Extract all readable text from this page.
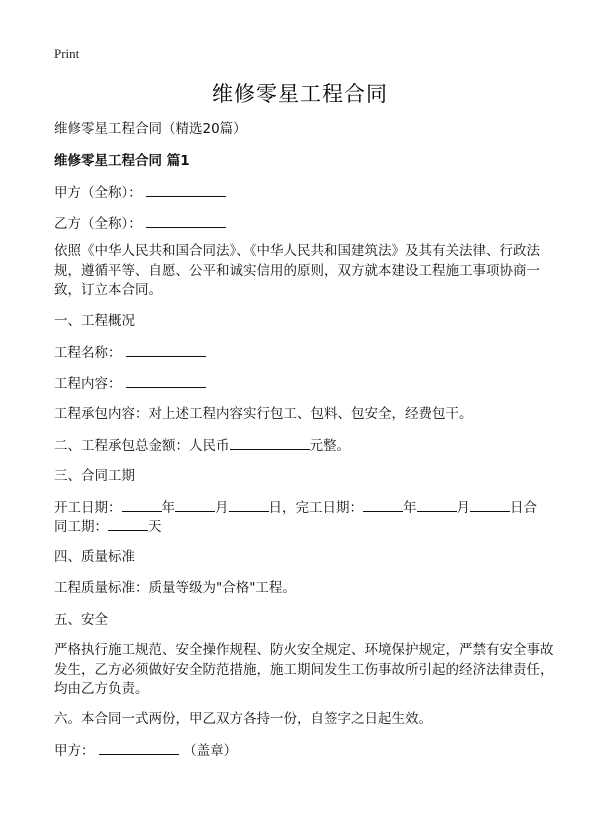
Print
维修零星工程合同
维修零星工程合同（精选20篇）
维修零星工程合同 篇1
甲方（全称）：
乙方（全称）：
依照《中华人民共和国合同法》、《中华人民共和国建筑法》及其有关法律、行政法规，遵循平等、自愿、公平和诚实信用的原则，双方就本建设工程施工事项协商一致，订立本合同。
一、工程概况
工程名称：
工程内容：
工程承包内容：对上述工程内容实行包工、包料、包安全，经费包干。
二、工程承包总金额：人民币	元整。
三、合同工期
开工日期：	年	月	日，完工日期：	年	月	日合
同工期：	天
四、质量标准
工程质量标准：质量等级为"合格"工程。
五、安全
严格执行施工规范、安全操作规程、防火安全规定、环境保护规定，严禁有安全事故发生，乙方必须做好安全防范措施，施工期间发生工伤事故所引起的经济法律责任，均由乙方负责。
六。本合同一式两份，甲乙双方各持一份，自签字之日起生效。
甲方：	（盖章）
